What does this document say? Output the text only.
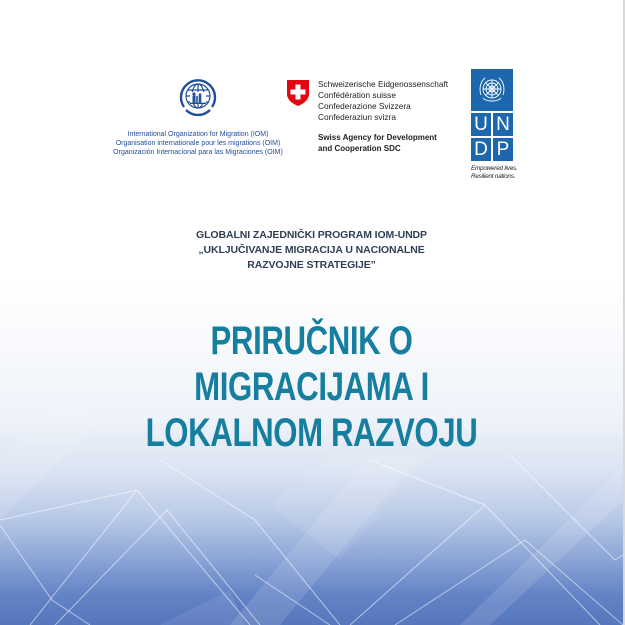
International Organization for Migration (IOM)
Organisation internationale pour les migrations (OIM)
Organización Internacional para las Migraciones (OIM)
Schweizerische Eidgenossenschaft
Confédération suisse
Confederazione Svizzera
Confederaziun svizra
Swiss Agency for Development
and Cooperation SDC
U N
D P
Empowered lives.
Resilient nations.
GLOBALNI ZAJEDNIČKI PROGRAM IOM-UNDP
„UKLJUČIVANJE MIGRACIJA U NACIONALNE
RAZVOJNE STRATEGIJE”
PRIRUČNIK O
MIGRACIJAMA I
LOKALNOM RAZVOJU
